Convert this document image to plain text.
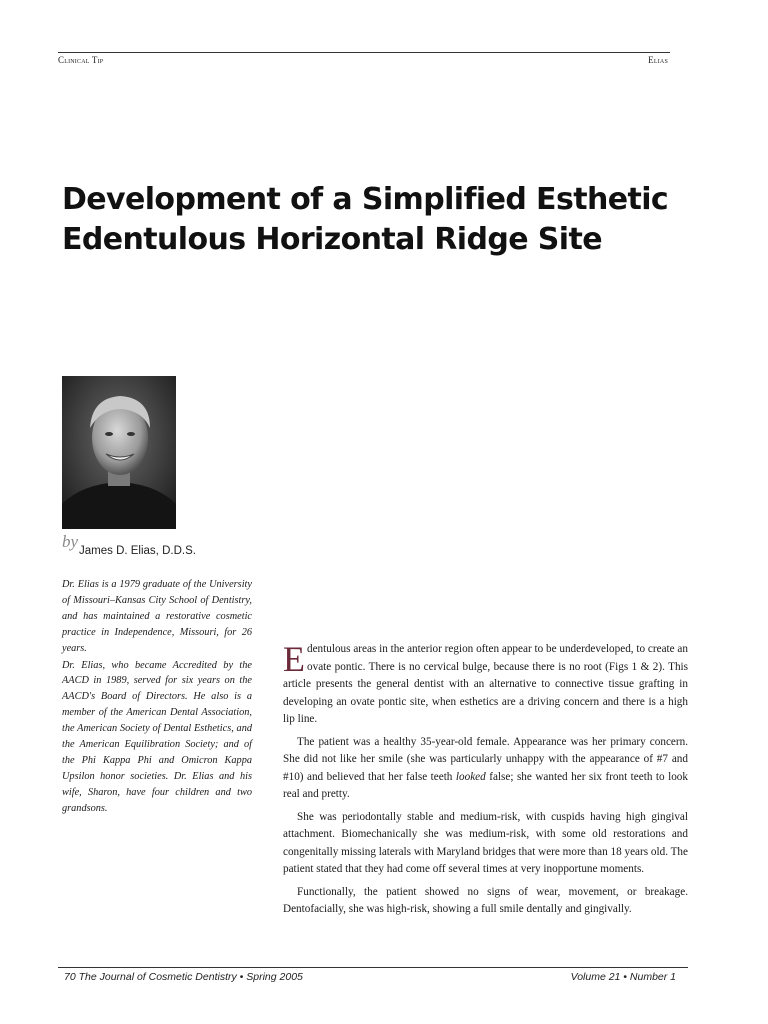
Clinical Tip	Elias
Development of a Simplified Esthetic
Edentulous Horizontal Ridge Site
by James D. Elias, D.D.S.

Dr. Elias is a 1979 graduate of the University of Missouri–Kansas City School of Dentistry, and has maintained a restorative cosmetic practice in Independence, Missouri, for 26 years.

Dr. Elias, who became Accredited by the AACD in 1989, served for six years on the AACD's Board of Directors. He also is a member of the American Dental Association, the American Society of Dental Esthetics, and the American Equilibration Society; and of the Phi Kappa Phi and Omicron Kappa Upsilon honor societies. Dr. Elias and his wife, Sharon, have four children and two grandsons.

Edentulous areas in the anterior region often appear to be underdeveloped, to create an ovate pontic. There is no cervical bulge, because there is no root (Figs 1 & 2). This article presents the general dentist with an alternative to connective tissue grafting in developing an ovate pontic site, when esthetics are a driving concern and there is a high lip line.

The patient was a healthy 35-year-old female. Appearance was her primary concern. She did not like her smile (she was particularly unhappy with the appearance of #7 and #10) and believed that her false teeth looked false; she wanted her six front teeth to look real and pretty.

She was periodontally stable and medium-risk, with cuspids having high gingival attachment. Biomechanically she was medium-risk, with some old restorations and congenitally missing laterals with Maryland bridges that were more than 18 years old. The patient stated that they had come off several times at very inopportune moments.

Functionally, the patient showed no signs of wear, movement, or breakage. Dentofacially, she was high-risk, showing a full smile dentally and gingivally.

70 The Journal of Cosmetic Dentistry • Spring 2005	Volume 21 • Number 1
